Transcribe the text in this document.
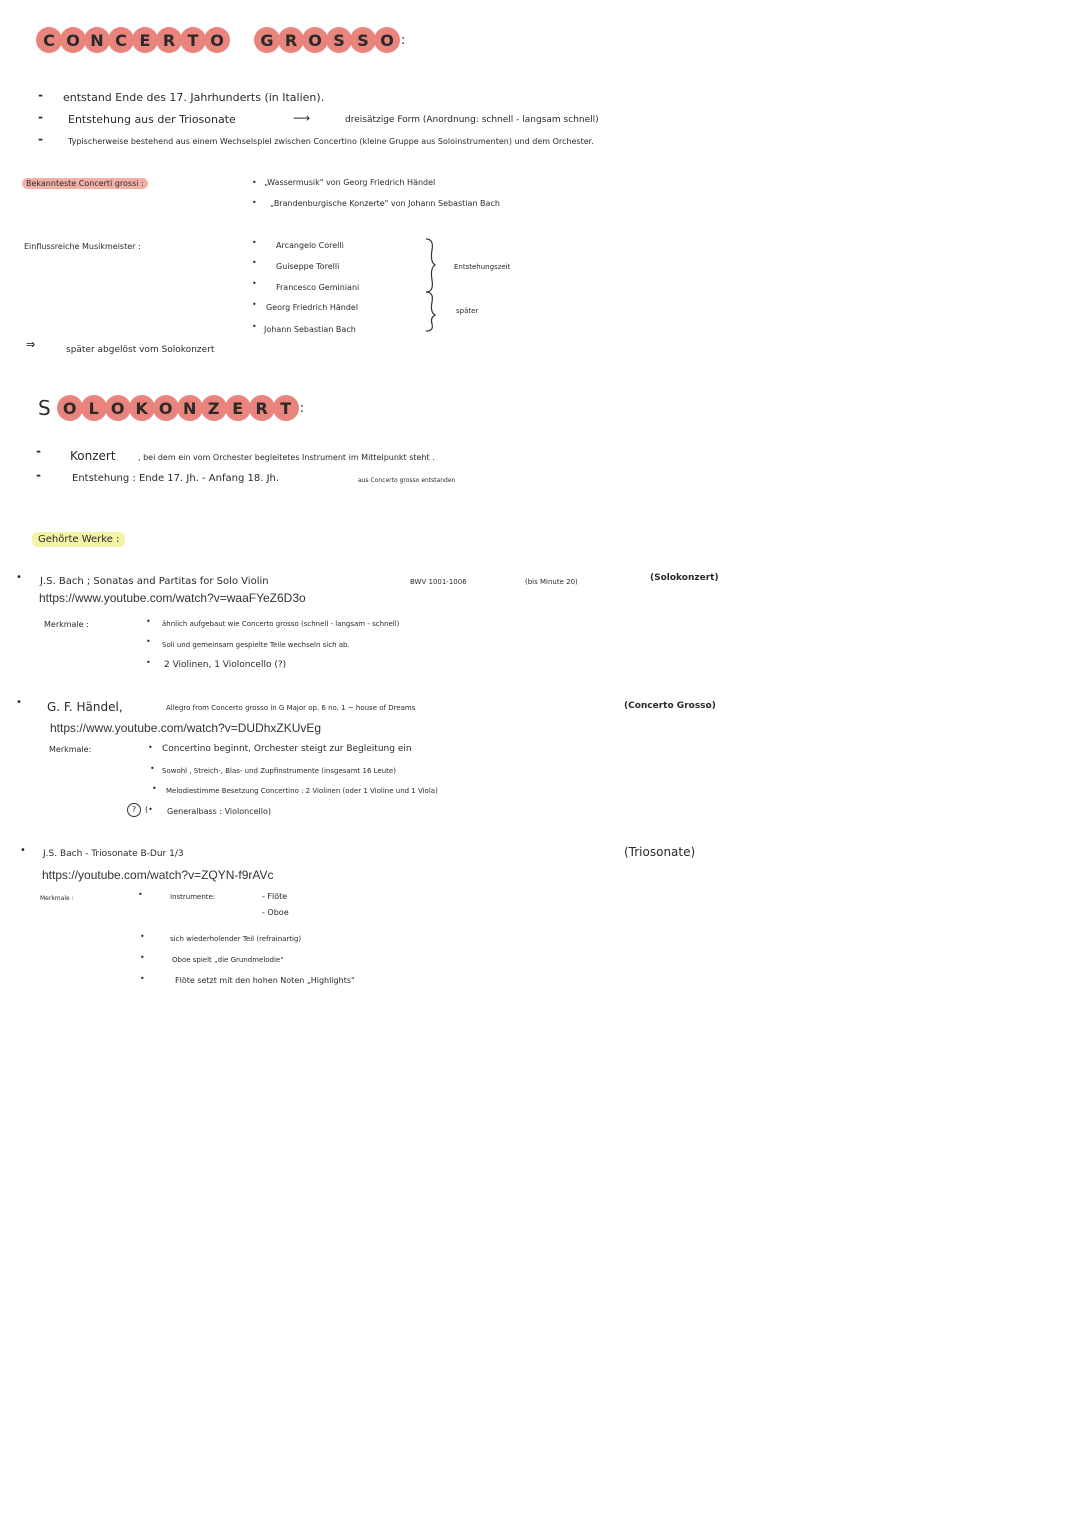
C O N C E R T O	G R O S S O :
- entstand Ende des 17. Jahrhunderts (in Italien).
- Entstehung aus der Triosonate	⟶	dreisätzige Form (Anordnung: schnell - langsam schnell)
-	Typischerweise bestehend aus einem Wechselspiel zwischen Concertino (kleine Gruppe aus Soloinstrumenten) und dem Orchester.
Bekannteste Concerti grossi :	• „Wassermusik" von Georg Friedrich Händel
• „Brandenburgische Konzerte" von Johann Sebastian Bach
Einflussreiche Musikmeister :	• Arcangelo Corelli
• Guiseppe Torelli
• Francesco Geminiani
• Georg Friedrich Händel
• Johann Sebastian Bach
Entstehungszeit
später
⇒	später abgelöst vom Solokonzert
S O L O K O N Z E R T :
- Konzert	, bei dem ein vom Orchester begleitetes Instrument im Mittelpunkt steht .
-	Entstehung : Ende 17. Jh. - Anfang 18. Jh.	aus Concerto grosso entstanden
Gehörte Werke :
• J.S. Bach ; Sonatas and Partitas for Solo Violin	BWV 1001-1006	(bis Minute 20)	(Solokonzert)
https://www.youtube.com/watch?v=waaFYeZ6D3o
Merkmale :	• ähnlich aufgebaut wie Concerto grosso (schnell - langsam - schnell)
• Soli und gemeinsam gespielte Teile wechseln sich ab.
• 2 Violinen, 1 Violoncello (?)
• G. F. Händel,	Allegro from Concerto grosso in G Major op. 6 no. 1 ~ house of Dreams	(Concerto Grosso)
https://www.youtube.com/watch?v=DUDhxZKUvEg
Merkmale:	• Concertino beginnt, Orchester steigt zur Begleitung ein
• Sowohl , Streich-, Blas- und Zupfinstrumente (insgesamt 16 Leute)
• Melodiestimme Besetzung Concertino : 2 Violinen (oder 1 Violine und 1 Viola)
?	(• Generalbass : Violoncello)
• J.S. Bach - Triosonate B-Dur 1/3	(Triosonate)
https://youtube.com/watch?v=ZQYN-f9rAVc
Merkmale :	•	Instrumente:	- Flöte
- Oboe
•	sich wiederholender Teil (refrainartig)
•	Oboe spielt „die Grundmelodie"
•	Flöte setzt mit den hohen Noten „Highlights"
